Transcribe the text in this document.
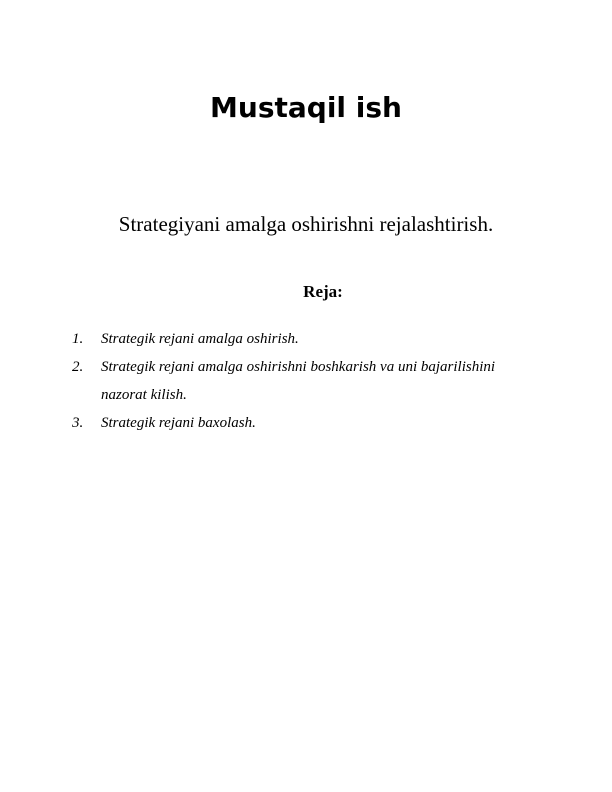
Mustaqil ish

Strategiyani amalga oshirishni rejalashtirish.

Reja:

1. Strategik rejani amalga oshirish.
2. Strategik rejani amalga oshirishni boshkarish va uni bajarilishini nazorat kilish.
3. Strategik rejani baxolash.
